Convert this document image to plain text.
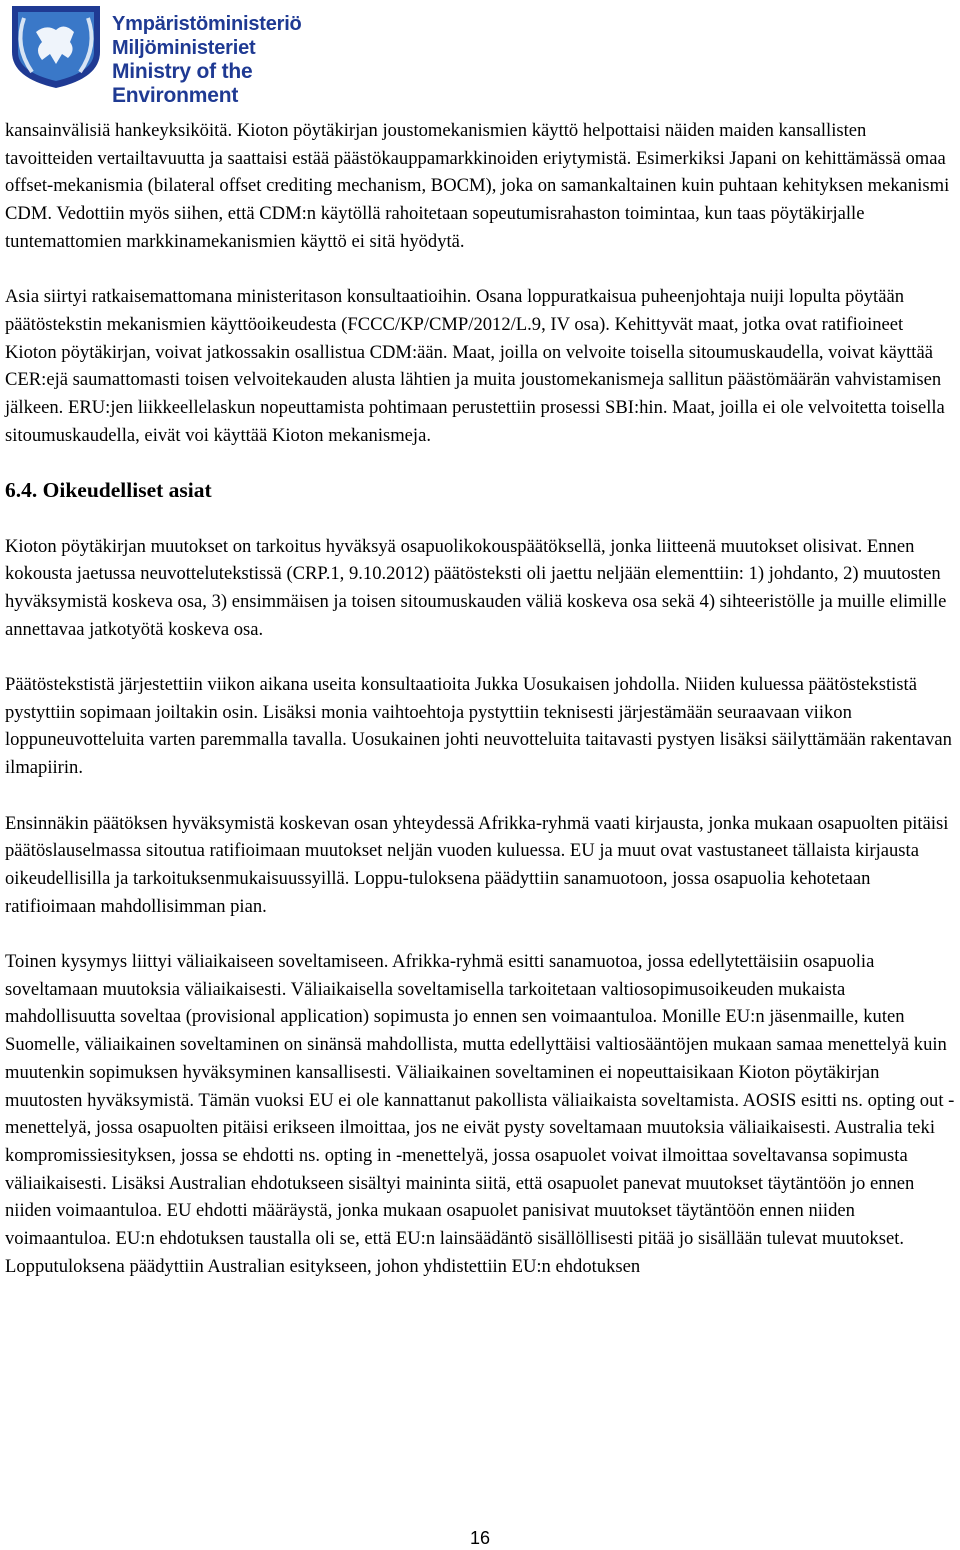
Ympäristöministeriö
Miljöministeriet
Ministry of the Environment

kansainvälisiä hankeyksiköitä. Kioton pöytäkirjan joustomekanismien käyttö helpottaisi näiden maiden kansallisten tavoitteiden vertailtavuutta ja saattaisi estää päästökauppamarkkinoiden eriytymistä. Esimerkiksi Japani on kehittämässä omaa offset-mekanismia (bilateral offset crediting mechanism, BOCM), joka on samankaltainen kuin puhtaan kehityksen mekanismi CDM. Vedottiin myös siihen, että CDM:n käytöllä rahoitetaan sopeutumisrahaston toimintaa, kun taas pöytäkirjalle tuntemattomien markkinamekanismien käyttö ei sitä hyödytä.

Asia siirtyi ratkaisemattomana ministeritason konsultaatioihin. Osana loppuratkaisua puheenjohtaja nuiji lopulta pöytään päätöstekstin mekanismien käyttöoikeudesta (FCCC/KP/CMP/2012/L.9, IV osa). Kehittyvät maat, jotka ovat ratifioineet Kioton pöytäkirjan, voivat jatkossakin osallistua CDM:ään. Maat, joilla on velvoite toisella sitoumuskaudella, voivat käyttää CER:ejä saumattomasti toisen velvoitekauden alusta lähtien ja muita joustomekanismeja sallitun päästömäärän vahvistamisen jälkeen. ERU:jen liikkeellelaskun nopeuttamista pohtimaan perustettiin prosessi SBI:hin. Maat, joilla ei ole velvoitetta toisella sitoumuskaudella, eivät voi käyttää Kioton mekanismeja.

6.4. Oikeudelliset asiat

Kioton pöytäkirjan muutokset on tarkoitus hyväksyä osapuolikokouspäätöksellä, jonka liitteenä muutokset olisivat. Ennen kokousta jaetussa neuvottelutekstissä (CRP.1, 9.10.2012) päätösteksti oli jaettu neljään elementtiin: 1) johdanto, 2) muutosten hyväksymistä koskeva osa, 3) ensimmäisen ja toisen sitoumuskauden väliä koskeva osa sekä 4) sihteeristölle ja muille elimille annettavaa jatkotyötä koskeva osa.

Päätöstekstistä järjestettiin viikon aikana useita konsultaatioita Jukka Uosukaisen johdolla. Niiden kuluessa päätöstekstistä pystyttiin sopimaan joiltakin osin. Lisäksi monia vaihtoehtoja pystyttiin teknisesti järjestämään seuraavaan viikon loppuneuvotteluita varten paremmalla tavalla. Uosukainen johti neuvotteluita taitavasti pystyen lisäksi säilyttämään rakentavan ilmapiirin.

Ensinnäkin päätöksen hyväksymistä koskevan osan yhteydessä Afrikka-ryhmä vaati kirjausta, jonka mukaan osapuolten pitäisi päätöslauselmassa sitoutua ratifioimaan muutokset neljän vuoden kuluessa. EU ja muut ovat vastustaneet tällaista kirjausta oikeudellisilla ja tarkoituksenmukaisuussyillä. Loppu-tuloksena päädyttiin sanamuotoon, jossa osapuolia kehotetaan ratifioimaan mahdollisimman pian.

Toinen kysymys liittyi väliaikaiseen soveltamiseen. Afrikka-ryhmä esitti sanamuotoa, jossa edellytettäisiin osapuolia soveltamaan muutoksia väliaikaisesti. Väliaikaisella soveltamisella tarkoitetaan valtiosopimusoikeuden mukaista mahdollisuutta soveltaa (provisional application) sopimusta jo ennen sen voimaantuloa. Monille EU:n jäsenmaille, kuten Suomelle, väliaikainen soveltaminen on sinänsä mahdollista, mutta edellyttäisi valtiosääntöjen mukaan samaa menettelyä kuin muutenkin sopimuksen hyväksyminen kansallisesti. Väliaikainen soveltaminen ei nopeuttaisikaan Kioton pöytäkirjan muutosten hyväksymistä. Tämän vuoksi EU ei ole kannattanut pakollista väliaikaista soveltamista. AOSIS esitti ns. opting out -menettelyä, jossa osapuolten pitäisi erikseen ilmoittaa, jos ne eivät pysty soveltamaan muutoksia väliaikaisesti. Australia teki kompromissiesityksen, jossa se ehdotti ns. opting in -menettelyä, jossa osapuolet voivat ilmoittaa soveltavansa sopimusta väliaikaisesti. Lisäksi Australian ehdotukseen sisältyi maininta siitä, että osapuolet panevat muutokset täytäntöön jo ennen niiden voimaantuloa. EU ehdotti määräystä, jonka mukaan osapuolet panisivat muutokset täytäntöön ennen niiden voimaantuloa. EU:n ehdotuksen taustalla oli se, että EU:n lainsäädäntö sisällöllisesti pitää jo sisällään tulevat muutokset. Lopputuloksena päädyttiin Australian esitykseen, johon yhdistettiin EU:n ehdotuksen

16
